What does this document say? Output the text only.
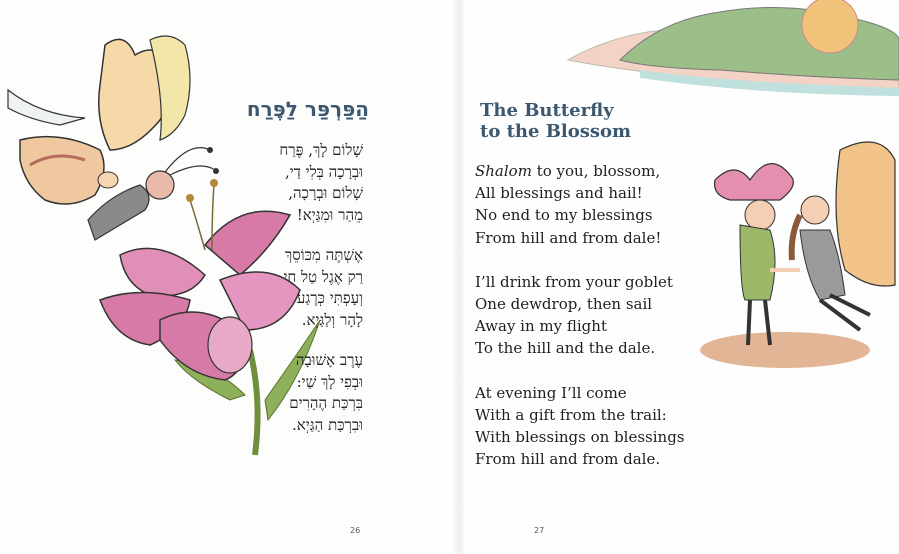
הַפַּרְפַּר לַפֶּרַח
שָׁלוֹם לָךְ, פֶּרַח
וּבְרָכָה בְּלִי דַי,
שָׁלוֹם וּבְרָכָה,
מֵהַר וּמִגַּיְא!
אֶשְׁתֶּה מִכּוֹסֵךְ
רַק אֶגֶל טַל חַי
וְעָפְתִּי כְּרֶגַע
לָהָר וְלַגַּיְא.
עֶרֶב אָשׁוּבָה
וּבְפִי לָךְ שַׁי:
בִּרְכַּת הֶהָרִים
וּבִרְכַּת הַגַּיְא.
The Butterfly
to the Blossom
Shalom to you, blossom,
All blessings and hail!
No end to my blessings
From hill and from dale!
I’ll drink from your goblet
One dewdrop, then sail
Away in my flight
To the hill and the dale.
At evening I’ll come
With a gift from the trail:
With blessings on blessings
From hill and from dale.
26	27
